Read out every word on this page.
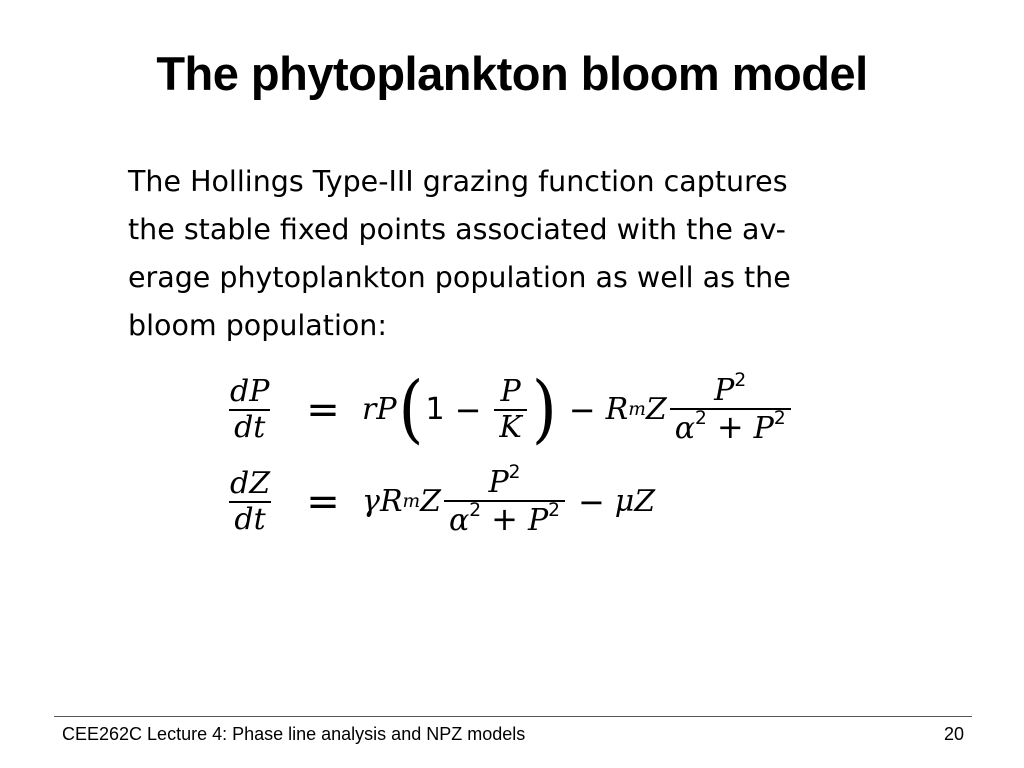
The phytoplankton bloom model
The Hollings Type-III grazing function captures
the stable fixed points associated with the av-
erage phytoplankton population as well as the
bloom population:
$\frac{dP}{dt} = r$ P ( $1 - \frac{P}{K}$ ) − R m Z $\frac{P^2}{\alpha^2 + P^2}$
$\frac{dZ}{dt} = \gamma$ R m Z $\frac{P^2}{\alpha^2 + P^2} - \mu$ Z
CEE262C Lecture 4: Phase line analysis and NPZ models	20
